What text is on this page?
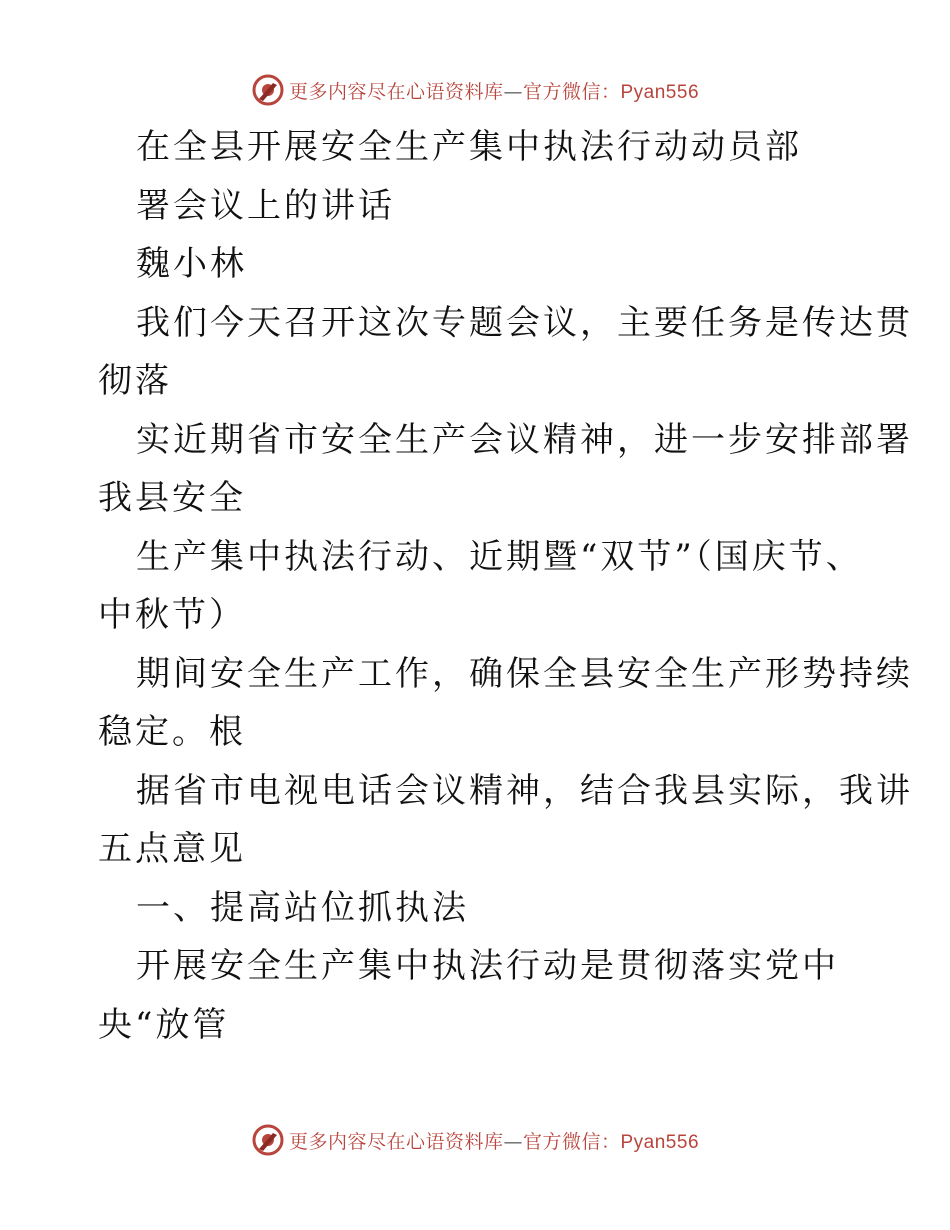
更多内容尽在心语资料库—官方微信：Pyan556
在全县开展安全生产集中执法行动动员部
署会议上的讲话
魏小林
我们今天召开这次专题会议，主要任务是传达贯
彻落
实近期省市安全生产会议精神，进一步安排部署
我县安全
生产集中执法行动、近期暨“双节”（国庆节、
中秋节）
期间安全生产工作，确保全县安全生产形势持续
稳定。根
据省市电视电话会议精神，结合我县实际，我讲
五点意见
一、提高站位抓执法
开展安全生产集中执法行动是贯彻落实党中
央“放管
更多内容尽在心语资料库—官方微信：Pyan556
